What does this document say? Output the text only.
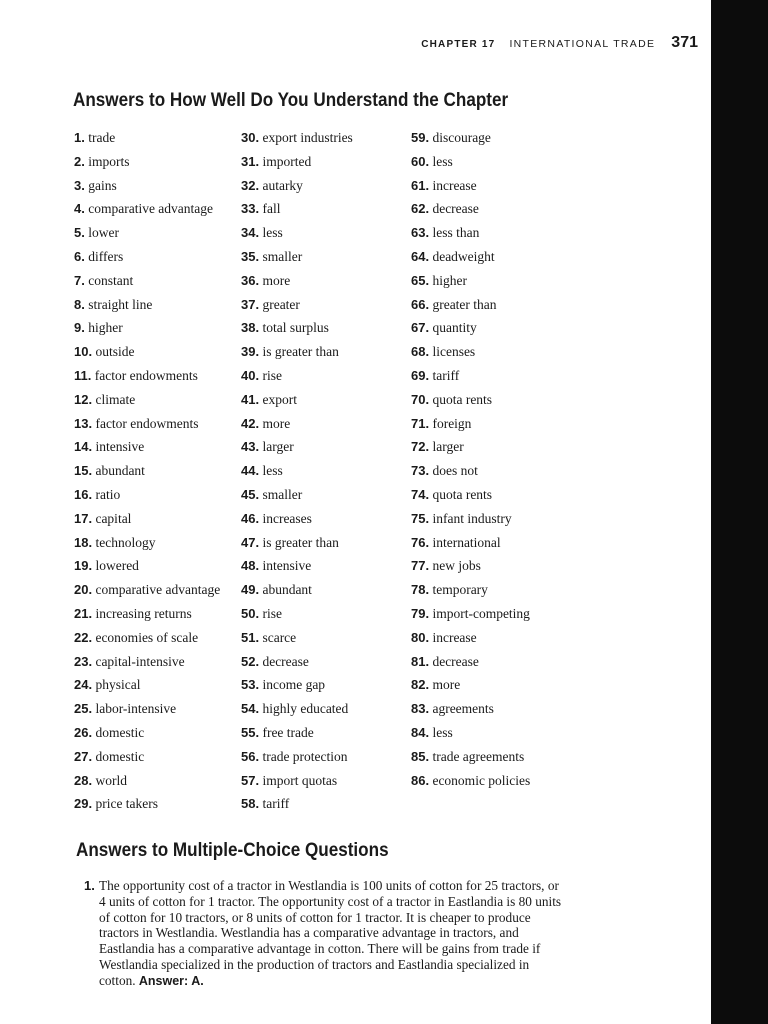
CHAPTER 17 INTERNATIONAL TRADE 371
Answers to How Well Do You Understand the Chapter
1. trade
2. imports
3. gains
4. comparative advantage
5. lower
6. differs
7. constant
8. straight line
9. higher
10. outside
11. factor endowments
12. climate
13. factor endowments
14. intensive
15. abundant
16. ratio
17. capital
18. technology
19. lowered
20. comparative advantage
21. increasing returns
22. economies of scale
23. capital-intensive
24. physical
25. labor-intensive
26. domestic
27. domestic
28. world
29. price takers
30. export industries
31. imported
32. autarky
33. fall
34. less
35. smaller
36. more
37. greater
38. total surplus
39. is greater than
40. rise
41. export
42. more
43. larger
44. less
45. smaller
46. increases
47. is greater than
48. intensive
49. abundant
50. rise
51. scarce
52. decrease
53. income gap
54. highly educated
55. free trade
56. trade protection
57. import quotas
58. tariff
59. discourage
60. less
61. increase
62. decrease
63. less than
64. deadweight
65. higher
66. greater than
67. quantity
68. licenses
69. tariff
70. quota rents
71. foreign
72. larger
73. does not
74. quota rents
75. infant industry
76. international
77. new jobs
78. temporary
79. import-competing
80. increase
81. decrease
82. more
83. agreements
84. less
85. trade agreements
86. economic policies
Answers to Multiple-Choice Questions
1. The opportunity cost of a tractor in Westlandia is 100 units of cotton for 25 tractors, or 4 units of cotton for 1 tractor. The opportunity cost of a tractor in Eastlandia is 80 units of cotton for 10 tractors, or 8 units of cotton for 1 tractor. It is cheaper to produce tractors in Westlandia. Westlandia has a comparative advantage in tractors, and Eastlandia has a comparative advantage in cotton. There will be gains from trade if Westlandia specialized in the production of tractors and Eastlandia specialized in cotton. Answer: A.
